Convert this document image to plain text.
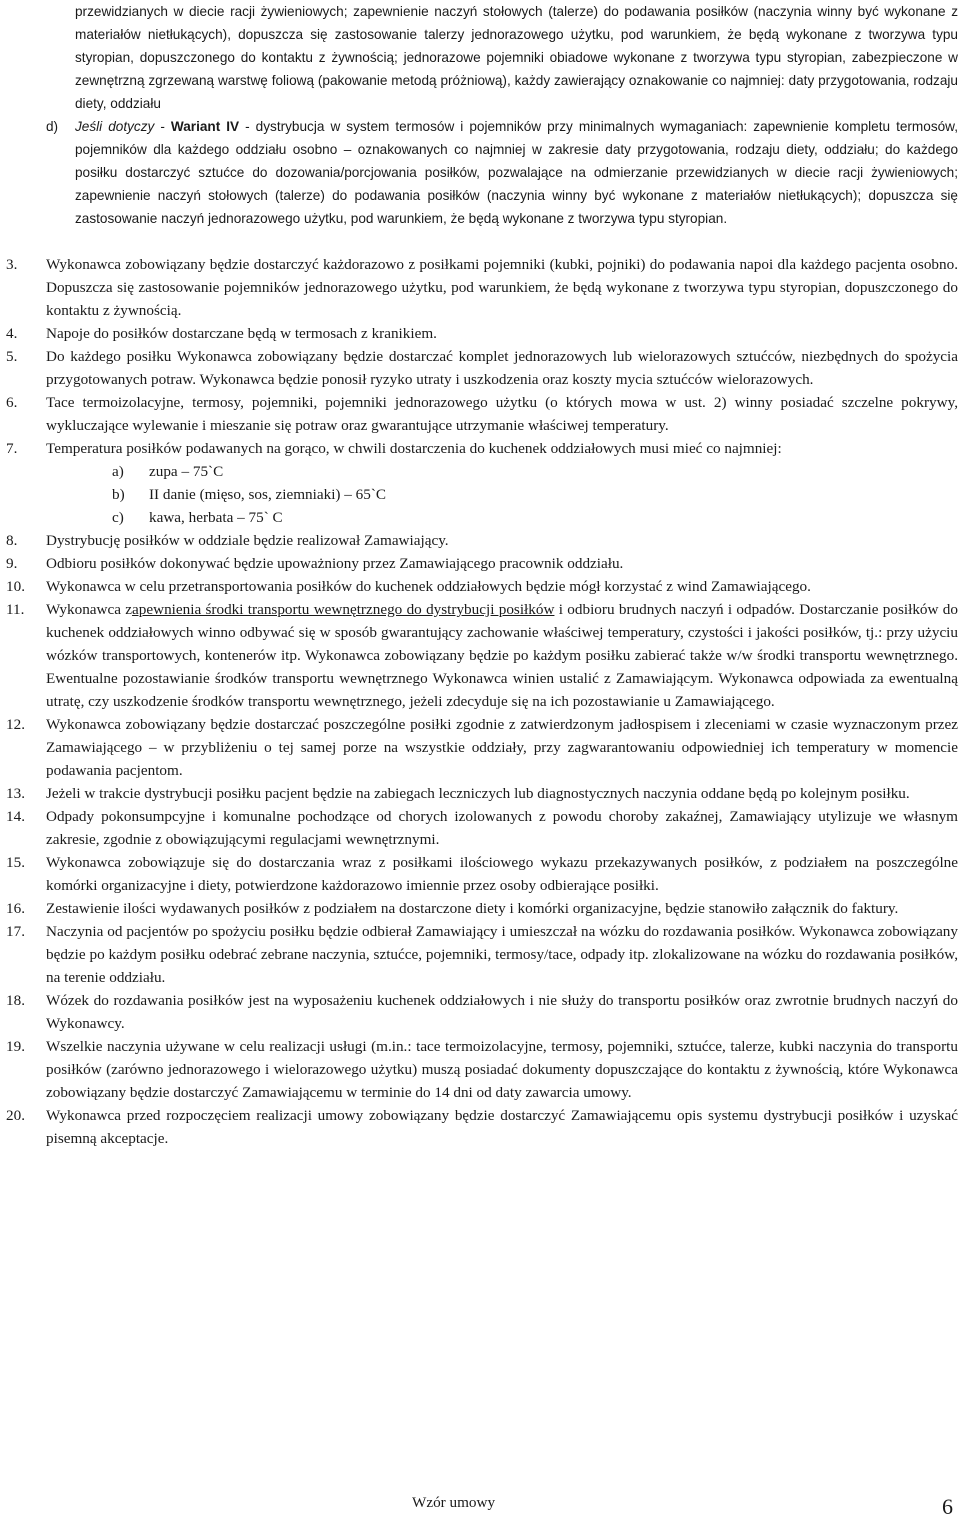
przewidzianych w diecie racji żywieniowych; zapewnienie naczyń stołowych (talerze) do podawania posiłków (naczynia winny być wykonane z materiałów nietłukących), dopuszcza się zastosowanie talerzy jednorazowego użytku, pod warunkiem, że będą wykonane z tworzywa typu styropian, dopuszczonego do kontaktu z żywnością; jednorazowe pojemniki obiadowe wykonane z tworzywa typu styropian, zabezpieczone w zewnętrzną zgrzewaną warstwę foliową (pakowanie metodą próżniową), każdy zawierający oznakowanie co najmniej: daty przygotowania, rodzaju diety, oddziału
d) Jeśli dotyczy - Wariant IV - dystrybucja w system termosów i pojemników przy minimalnych wymaganiach: zapewnienie kompletu termosów, pojemników dla każdego oddziału osobno – oznakowanych co najmniej w zakresie daty przygotowania, rodzaju diety, oddziału; do każdego posiłku dostarczyć sztućce do dozowania/porcjowania posiłków, pozwalające na odmierzanie przewidzianych w diecie racji żywieniowych; zapewnienie naczyń stołowych (talerze) do podawania posiłków (naczynia winny być wykonane z materiałów nietłukących); dopuszcza się zastosowanie naczyń jednorazowego użytku, pod warunkiem, że będą wykonane z tworzywa typu styropian.
3.	Wykonawca zobowiązany będzie dostarczyć każdorazowo z posiłkami pojemniki (kubki, pojniki) do podawania napoi dla każdego pacjenta osobno. Dopuszcza się zastosowanie pojemników jednorazowego użytku, pod warunkiem, że będą wykonane z tworzywa typu styropian, dopuszczonego do kontaktu z żywnością.
4.	Napoje do posiłków dostarczane będą w termosach z kranikiem.
5.	Do każdego posiłku Wykonawca zobowiązany będzie dostarczać komplet jednorazowych lub wielorazowych sztućców, niezbędnych do spożycia przygotowanych potraw. Wykonawca będzie ponosił ryzyko utraty i uszkodzenia oraz koszty mycia sztućców wielorazowych.
6.	Tace termoizolacyjne, termosy, pojemniki, pojemniki jednorazowego użytku (o których mowa w ust. 2) winny posiadać szczelne pokrywy, wykluczające wylewanie i mieszanie się potraw oraz gwarantujące utrzymanie właściwej temperatury.
7.	Temperatura posiłków podawanych na gorąco, w chwili dostarczenia do kuchenek oddziałowych musi mieć co najmniej:
a) zupa – 75`C
b) II danie (mięso, sos, ziemniaki) – 65`C
c) kawa, herbata – 75` C
8.	Dystrybucję posiłków w oddziale będzie realizował Zamawiający.
9.	Odbioru posiłków dokonywać będzie upoważniony przez Zamawiającego pracownik oddziału.
10.	Wykonawca w celu przetransportowania posiłków do kuchenek oddziałowych będzie mógł korzystać z wind Zamawiającego.
11.	Wykonawca zapewnienia środki transportu wewnętrznego do dystrybucji posiłków i odbioru brudnych naczyń i odpadów. Dostarczanie posiłków do kuchenek oddziałowych winno odbywać się w sposób gwarantujący zachowanie właściwej temperatury, czystości i jakości posiłków, tj.: przy użyciu wózków transportowych, kontenerów itp. Wykonawca zobowiązany będzie po każdym posiłku zabierać także w/w środki transportu wewnętrznego. Ewentualne pozostawianie środków transportu wewnętrznego Wykonawca winien ustalić z Zamawiającym. Wykonawca odpowiada za ewentualną utratę, czy uszkodzenie środków transportu wewnętrznego, jeżeli zdecyduje się na ich pozostawianie u Zamawiającego.
12.	Wykonawca zobowiązany będzie dostarczać poszczególne posiłki zgodnie z zatwierdzonym jadłospisem i zleceniami w czasie wyznaczonym przez Zamawiającego – w przybliżeniu o tej samej porze na wszystkie oddziały, przy zagwarantowaniu odpowiedniej ich temperatury w momencie podawania pacjentom.
13.	Jeżeli w trakcie dystrybucji posiłku pacjent będzie na zabiegach leczniczych lub diagnostycznych naczynia oddane będą po kolejnym posiłku.
14.	Odpady pokonsumpcyjne i komunalne pochodzące od chorych izolowanych z powodu choroby zakaźnej, Zamawiający utylizuje we własnym zakresie, zgodnie z obowiązującymi regulacjami wewnętrznymi.
15.	Wykonawca zobowiązuje się do dostarczania wraz z posiłkami ilościowego wykazu przekazywanych posiłków, z podziałem na poszczególne komórki organizacyjne i diety, potwierdzone każdorazowo imiennie przez osoby odbierające posiłki.
16.	Zestawienie ilości wydawanych posiłków z podziałem na dostarczone diety i komórki organizacyjne, będzie stanowiło załącznik do faktury.
17.	Naczynia od pacjentów po spożyciu posiłku będzie odbierał Zamawiający i umieszczał na wózku do rozdawania posiłków. Wykonawca zobowiązany będzie po każdym posiłku odebrać zebrane naczynia, sztućce, pojemniki, termosy/tace, odpady itp. zlokalizowane na wózku do rozdawania posiłków, na terenie oddziału.
18.	Wózek do rozdawania posiłków jest na wyposażeniu kuchenek oddziałowych i nie służy do transportu posiłków oraz zwrotnie brudnych naczyń do Wykonawcy.
19.	Wszelkie naczynia używane w celu realizacji usługi (m.in.: tace termoizolacyjne, termosy, pojemniki, sztućce, talerze, kubki naczynia do transportu posiłków (zarówno jednorazowego i wielorazowego użytku) muszą posiadać dokumenty dopuszczające do kontaktu z żywnością, które Wykonawca zobowiązany będzie dostarczyć Zamawiającemu w terminie do 14 dni od daty zawarcia umowy.
20.	Wykonawca przed rozpoczęciem realizacji umowy zobowiązany będzie dostarczyć Zamawiającemu opis systemu dystrybucji posiłków i uzyskać pisemną akceptacje.
Wzór umowy	6
